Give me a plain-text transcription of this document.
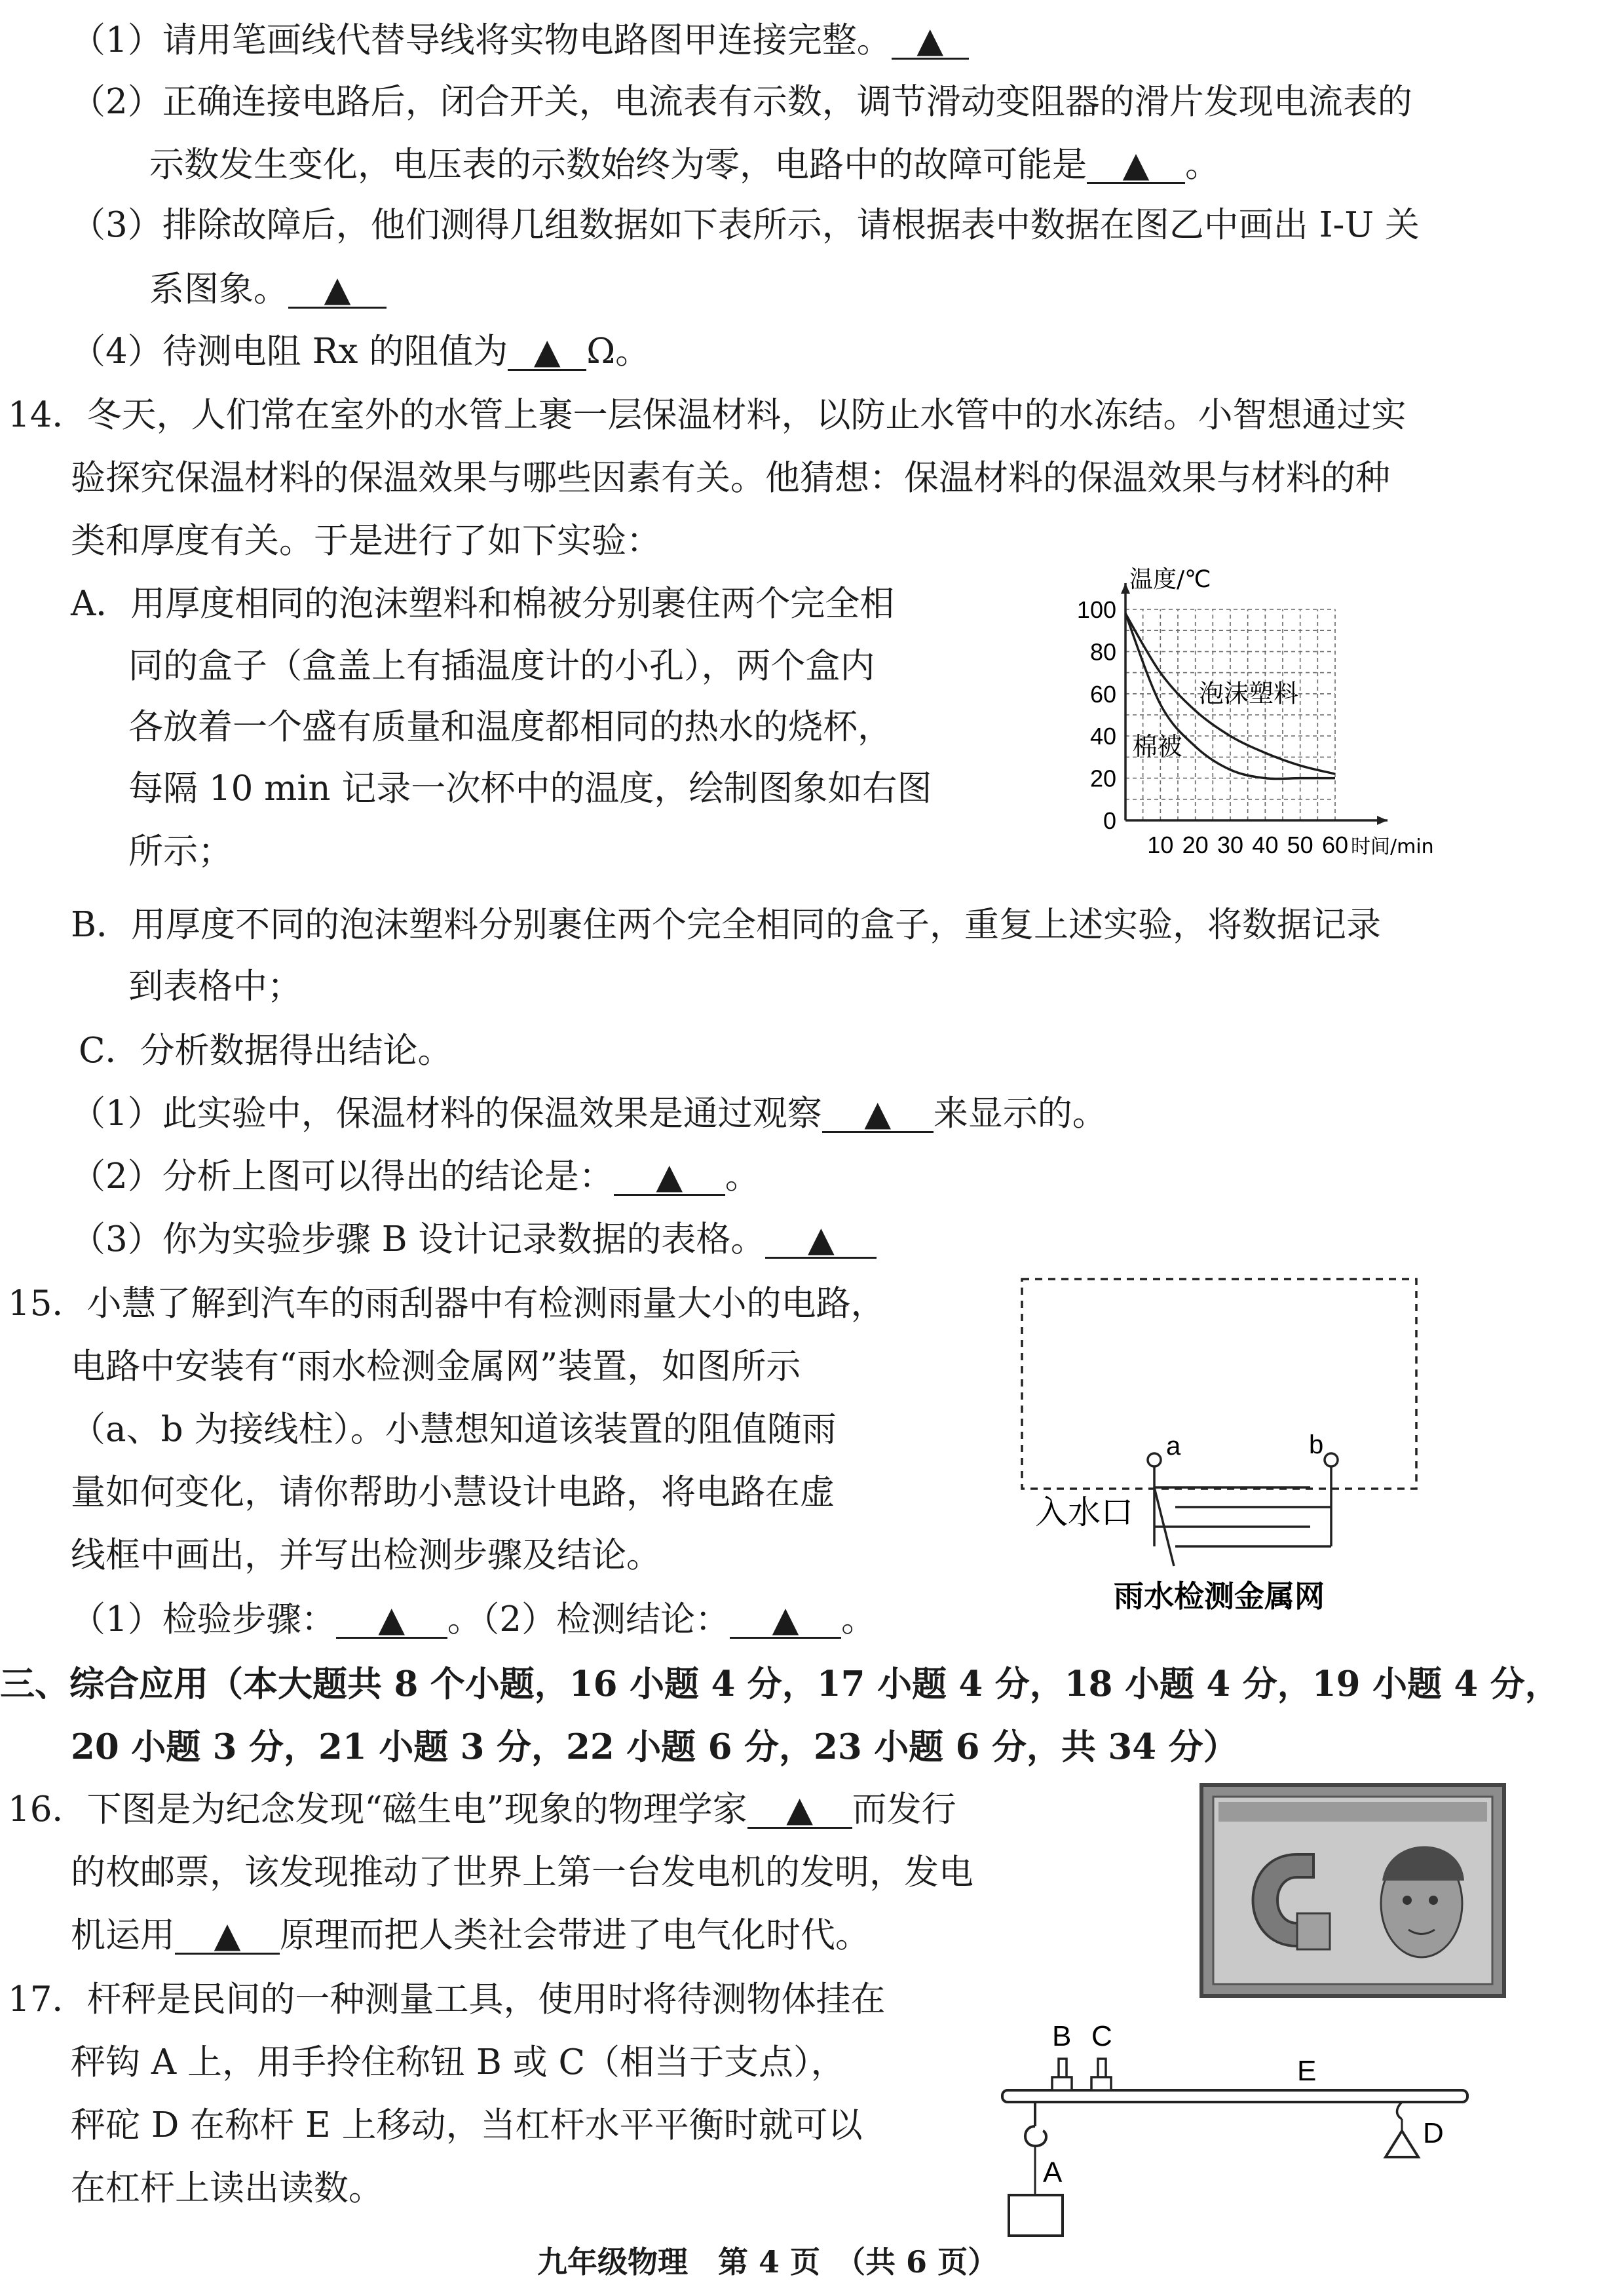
（1）请用笔画线代替导线将实物电路图甲连接完整。 ▲
（2）正确连接电路后，闭合开关，电流表有示数，调节滑动变阻器的滑片发现电流表的
示数发生变化，电压表的示数始终为零，电路中的故障可能是 ▲ 。
（3）排除故障后，他们测得几组数据如下表所示，请根据表中数据在图乙中画出 I-U 关
系图象。 ▲
（4）待测电阻 Rx 的阻值为 ▲ Ω。
14．冬天，人们常在室外的水管上裹一层保温材料，以防止水管中的水冻结。小智想通过实
验探究保温材料的保温效果与哪些因素有关。他猜想：保温材料的保温效果与材料的种
类和厚度有关。于是进行了如下实验：
A．用厚度相同的泡沫塑料和棉被分别裹住两个完全相
同的盒子（盒盖上有插温度计的小孔），两个盒内
各放着一个盛有质量和温度都相同的热水的烧杯，
每隔 10 min 记录一次杯中的温度，绘制图象如右图
所示；
0
20
40
60
80
100
10 20 30 40 50 60
温度/℃
时间/min
泡沫塑料
棉被
B．用厚度不同的泡沫塑料分别裹住两个完全相同的盒子，重复上述实验，将数据记录
到表格中；
C．分析数据得出结论。
（1）此实验中，保温材料的保温效果是通过观察 ▲ 来显示的。
（2）分析上图可以得出的结论是： ▲ 。
（3）你为实验步骤 B 设计记录数据的表格。 ▲
15．小慧了解到汽车的雨刮器中有检测雨量大小的电路，
电路中安装有“雨水检测金属网”装置，如图所示
（a、b 为接线柱）。小慧想知道该装置的阻值随雨
量如何变化，请你帮助小慧设计电路，将电路在虚
线框中画出，并写出检测步骤及结论。
（1）检验步骤： ▲ 。（2）检测结论： ▲ 。
a	b
入水口
雨水检测金属网
三、综合应用（本大题共 8 个小题，16 小题 4 分，17 小题 4 分，18 小题 4 分，19 小题 4 分，
20 小题 3 分，21 小题 3 分，22 小题 6 分，23 小题 6 分，共 34 分）
16．下图是为纪念发现“磁生电”现象的物理学家 ▲ 而发行
的枚邮票，该发现推动了世界上第一台发电机的发明，发电
机运用 ▲ 原理而把人类社会带进了电气化时代。
17．杆秤是民间的一种测量工具，使用时将待测物体挂在
秤钩 A 上，用手拎住称钮 B 或 C（相当于支点），
秤砣 D 在称杆 E 上移动，当杠杆水平平衡时就可以
在杠杆上读出读数。
B C
E
A
D
九年级物理　第 4 页　（共 6 页）
